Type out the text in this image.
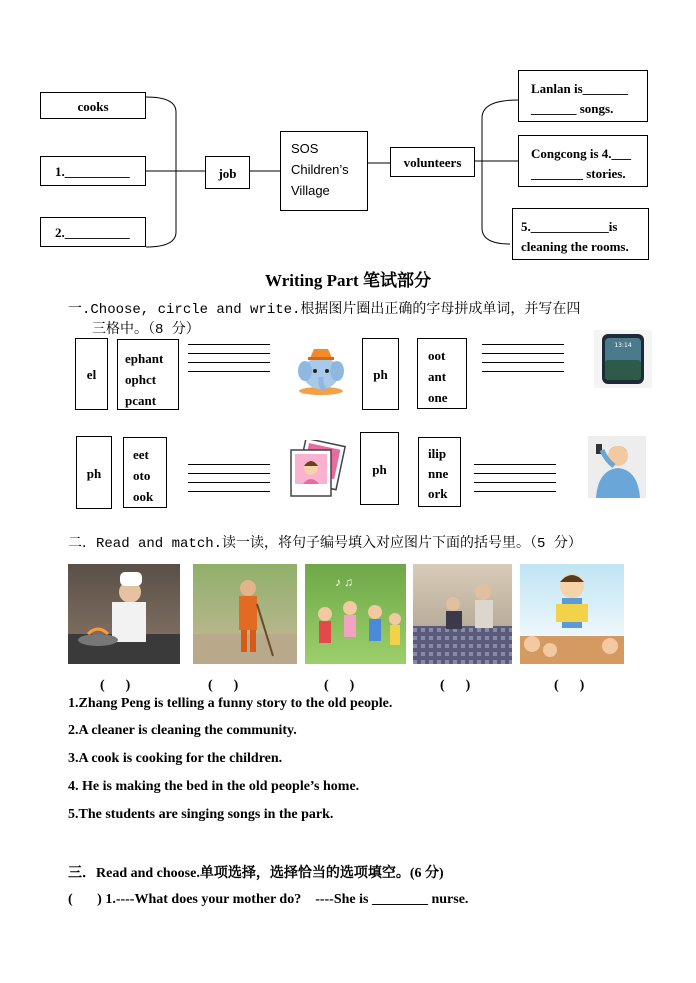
cooks
1.__________
2.__________
job
SOS
Children’s
Village
volunteers
Lanlan is_______
_______ songs.
Congcong is 4.___
________ stories.
5.____________is
cleaning the rooms.
Writing Part 笔试部分
一.Choose, circle and write.根据图片圈出正确的字母拼成单词，并写在四
三格中。（8 分）
el
ephant
ophct
pcant
ph
oot
ant
one
13:14
ph
eet
oto
ook
ph
ilip
nne
ork
二．Read and match.读一读，将句子编号填入对应图片下面的括号里。（5 分）
♪ ♫
(      )	(      )	(      )	(      )	(      )
1.Zhang Peng is telling a funny story to the old people.
2.A cleaner is cleaning the community.
3.A cook is cooking for the children.
4. He is making the bed in the old people’s home.
5.The students are singing songs in the park.
三．Read and choose.单项选择，选择恰当的选项填空。(6 分)
(       ) 1.----What does your mother do?    ----She is ________ nurse.
